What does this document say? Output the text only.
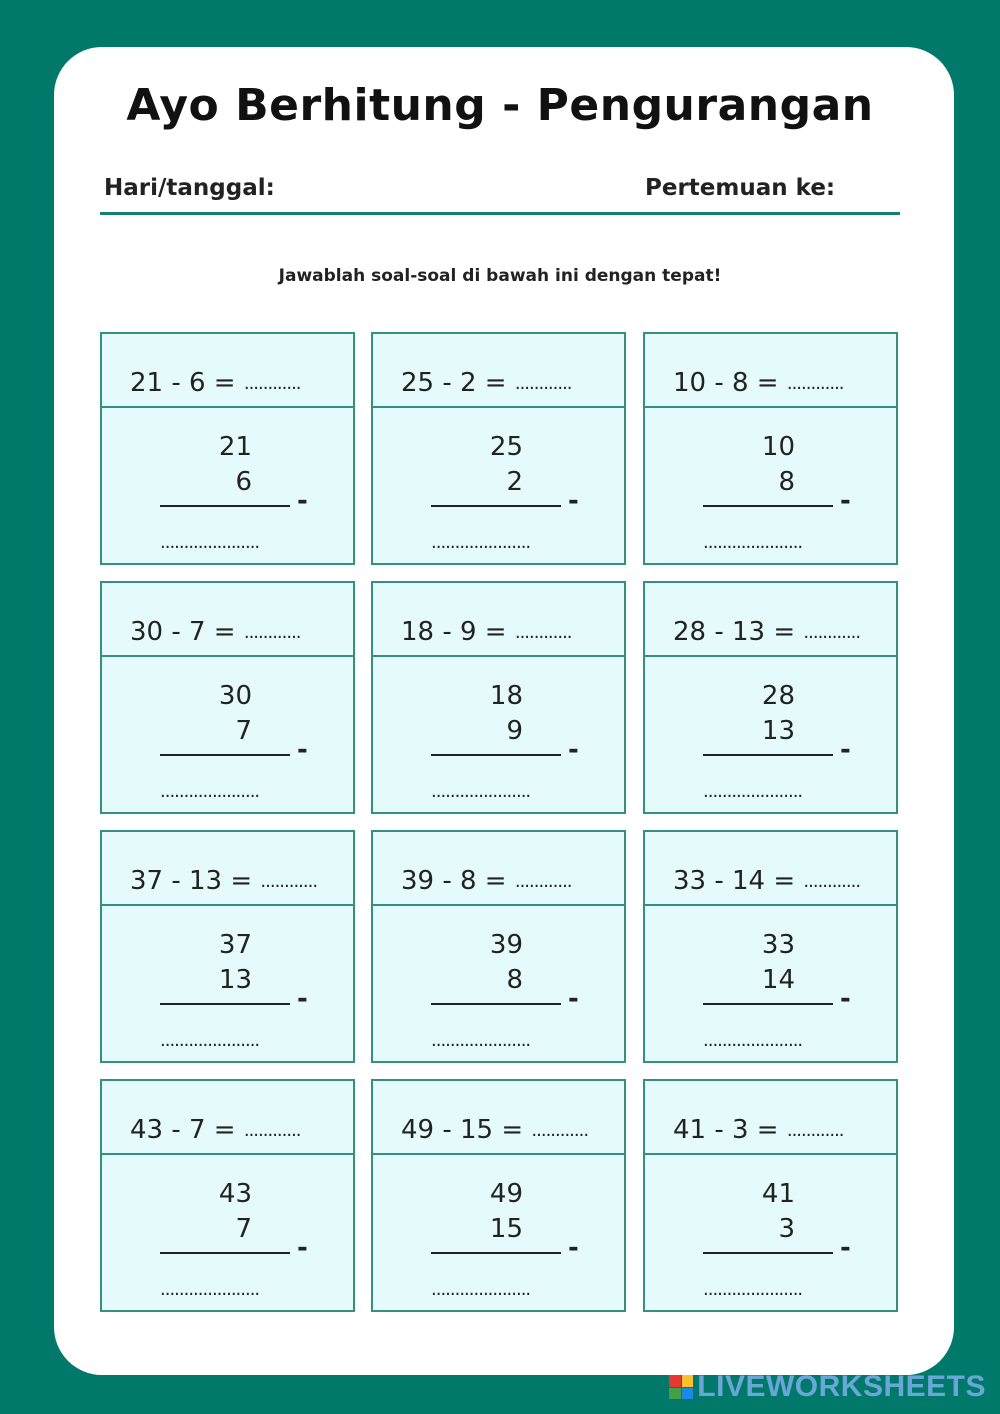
Ayo Berhitung - Pengurangan
Hari/tanggal:	Pertemuan ke:
Jawablah soal-soal di bawah ini dengan tepat!
21 - 6 = ............
21
6
-
.....................
25 - 2 = ............
25
2
-
.....................
10 - 8 = ............
10
8
-
.....................
30 - 7 = ............
30
7
-
.....................
18 - 9 = ............
18
9
-
.....................
28 - 13 = ............
28
13
-
.....................
37 - 13 = ............
37
13
-
.....................
39 - 8 = ............
39
8
-
.....................
33 - 14 = ............
33
14
-
.....................
43 - 7 = ............
43
7
-
.....................
49 - 15 = ............
49
15
-
.....................
41 - 3 = ............
41
3
-
.....................
LIVEWORKSHEETS
